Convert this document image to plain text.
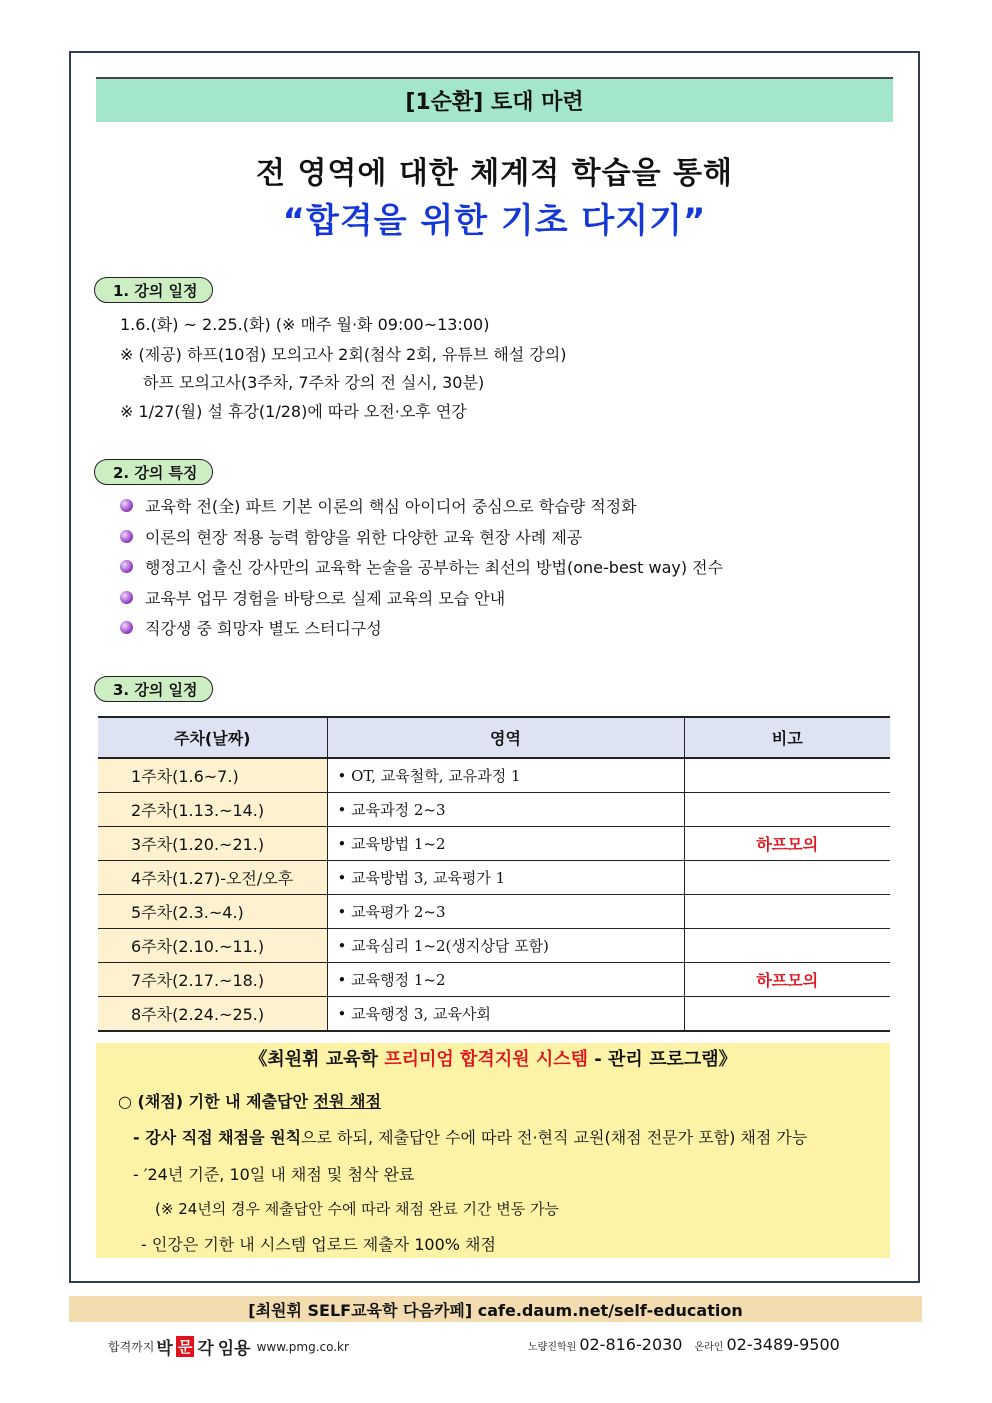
[1순환] 토대 마련
전 영역에 대한 체계적 학습을 통해
“합격을 위한 기초 다지기”
1. 강의 일정
1.6.(화) ~ 2.25.(화) (※ 매주 월·화 09:00~13:00)
※ (제공) 하프(10점) 모의고사 2회(첨삭 2회, 유튜브 해설 강의)
하프 모의고사(3주차, 7주차 강의 전 실시, 30분)
※ 1/27(월) 설 휴강(1/28)에 따라 오전·오후 연강
2. 강의 특징
교육학 전(全) 파트 기본 이론의 핵심 아이디어 중심으로 학습량 적정화
이론의 현장 적용 능력 함양을 위한 다양한 교육 현장 사례 제공
행정고시 출신 강사만의 교육학 논술을 공부하는 최선의 방법(one-best way) 전수
교육부 업무 경험을 바탕으로 실제 교육의 모습 안내
직강생 중 희망자 별도 스터디구성
3. 강의 일정
주차(날짜)	영역	비고
1주차(1.6~7.)	• OT, 교육철학, 교유과정 1	
2주차(1.13.~14.)	• 교육과정 2~3	
3주차(1.20.~21.)	• 교육방법 1~2	하프모의
4주차(1.27)-오전/오후	• 교육방법 3, 교육평가 1	
5주차(2.3.~4.)	• 교육평가 2~3	
6주차(2.10.~11.)	• 교육심리 1~2(생지상담 포함)	
7주차(2.17.~18.)	• 교육행정 1~2	하프모의
8주차(2.24.~25.)	• 교육행정 3, 교육사회	
《최원휘 교육학 프리미엄 합격지원 시스템 - 관리 프로그램》
○ (채점) 기한 내 제출답안 전원 채점
- 강사 직접 채점을 원칙으로 하되, 제출답안 수에 따라 전·현직 교원(채점 전문가 포함) 채점 가능
- ′24년 기준, 10일 내 채점 및 첨삭 완료
(※ 24년의 경우 제출답안 수에 따라 채점 완료 기간 변동 가능
- 인강은 기한 내 시스템 업로드 제출자 100% 채점
[최원휘 SELF교육학 다음카페] cafe.daum.net/self-education
합격까지 박 문 각 임용 www.pmg.co.kr	노량진학원 02-816-2030 온라인 02-3489-9500
